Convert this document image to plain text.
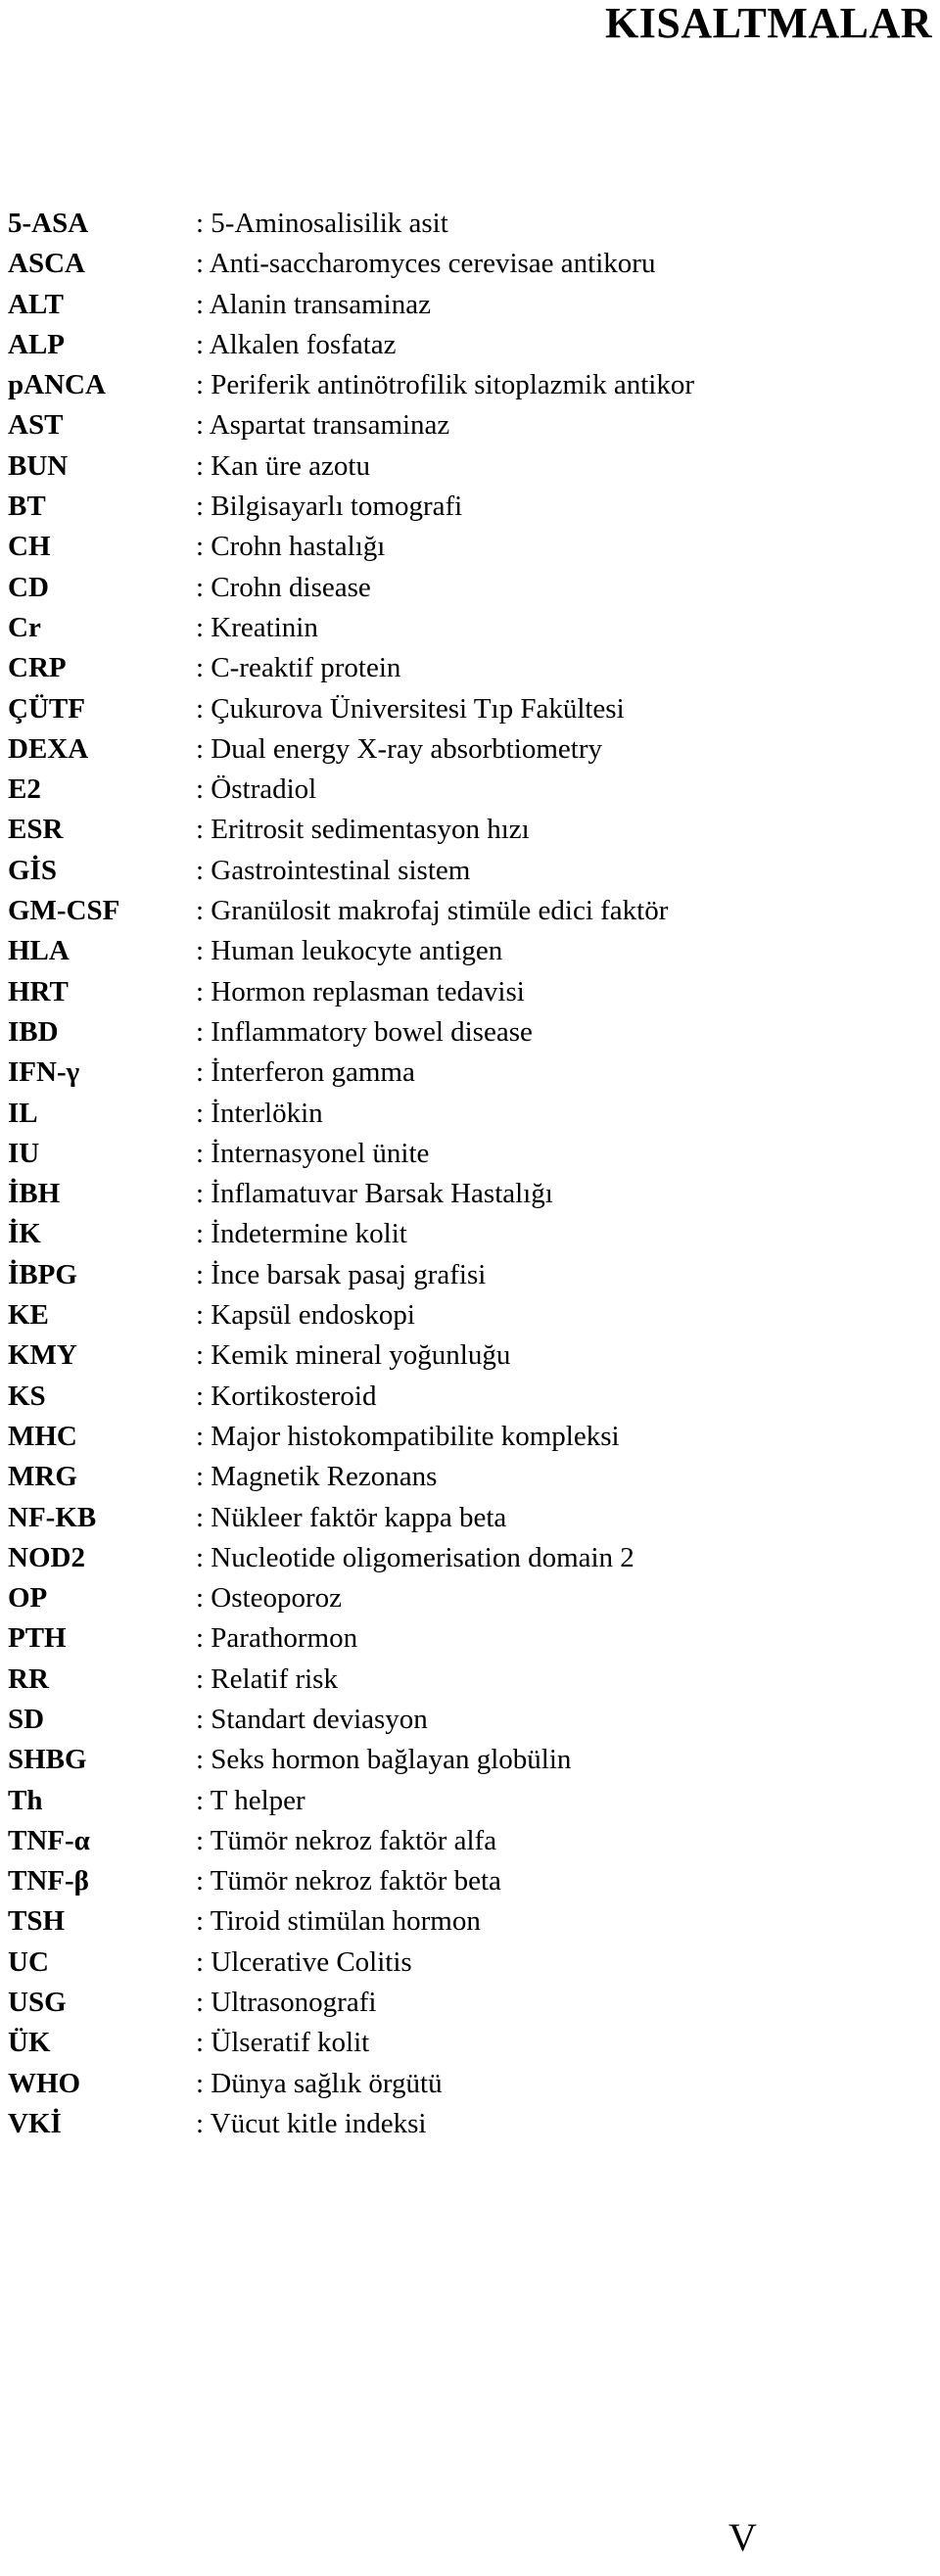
KISALTMALAR
5-ASA	: 5-Aminosalisilik asit
ASCA	: Anti-saccharomyces cerevisae antikoru
ALT	: Alanin transaminaz
ALP	: Alkalen fosfataz
pANCA	: Periferik antinötrofilik sitoplazmik antikor
AST	: Aspartat transaminaz
BUN	: Kan üre azotu
BT	: Bilgisayarlı tomografi
CH	: Crohn hastalığı
CD	: Crohn disease
Cr	: Kreatinin
CRP	: C-reaktif protein
ÇÜTF	: Çukurova Üniversitesi Tıp Fakültesi
DEXA	: Dual energy X-ray absorbtiometry
E2	: Östradiol
ESR	: Eritrosit sedimentasyon hızı
GİS	: Gastrointestinal sistem
GM-CSF	: Granülosit makrofaj stimüle edici faktör
HLA	: Human leukocyte antigen
HRT	: Hormon replasman tedavisi
IBD	: Inflammatory bowel disease
IFN-γ	: İnterferon gamma
IL	: İnterlökin
IU	: İnternasyonel ünite
İBH	: İnflamatuvar Barsak Hastalığı
İK	: İndetermine kolit
İBPG	: İnce barsak pasaj grafisi
KE	: Kapsül endoskopi
KMY	: Kemik mineral yoğunluğu
KS	: Kortikosteroid
MHC	: Major histokompatibilite kompleksi
MRG	: Magnetik Rezonans
NF-KB	: Nükleer faktör kappa beta
NOD2	: Nucleotide oligomerisation domain 2
OP	: Osteoporoz
PTH	: Parathormon
RR	: Relatif risk
SD	: Standart deviasyon
SHBG	: Seks hormon bağlayan globülin
Th	: T helper
TNF-α	: Tümör nekroz faktör alfa
TNF-β	: Tümör nekroz faktör beta
TSH	: Tiroid stimülan hormon
UC	: Ulcerative Colitis
USG	: Ultrasonografi
ÜK	: Ülseratif kolit
WHO	: Dünya sağlık örgütü
VKİ	: Vücut kitle indeksi
V
